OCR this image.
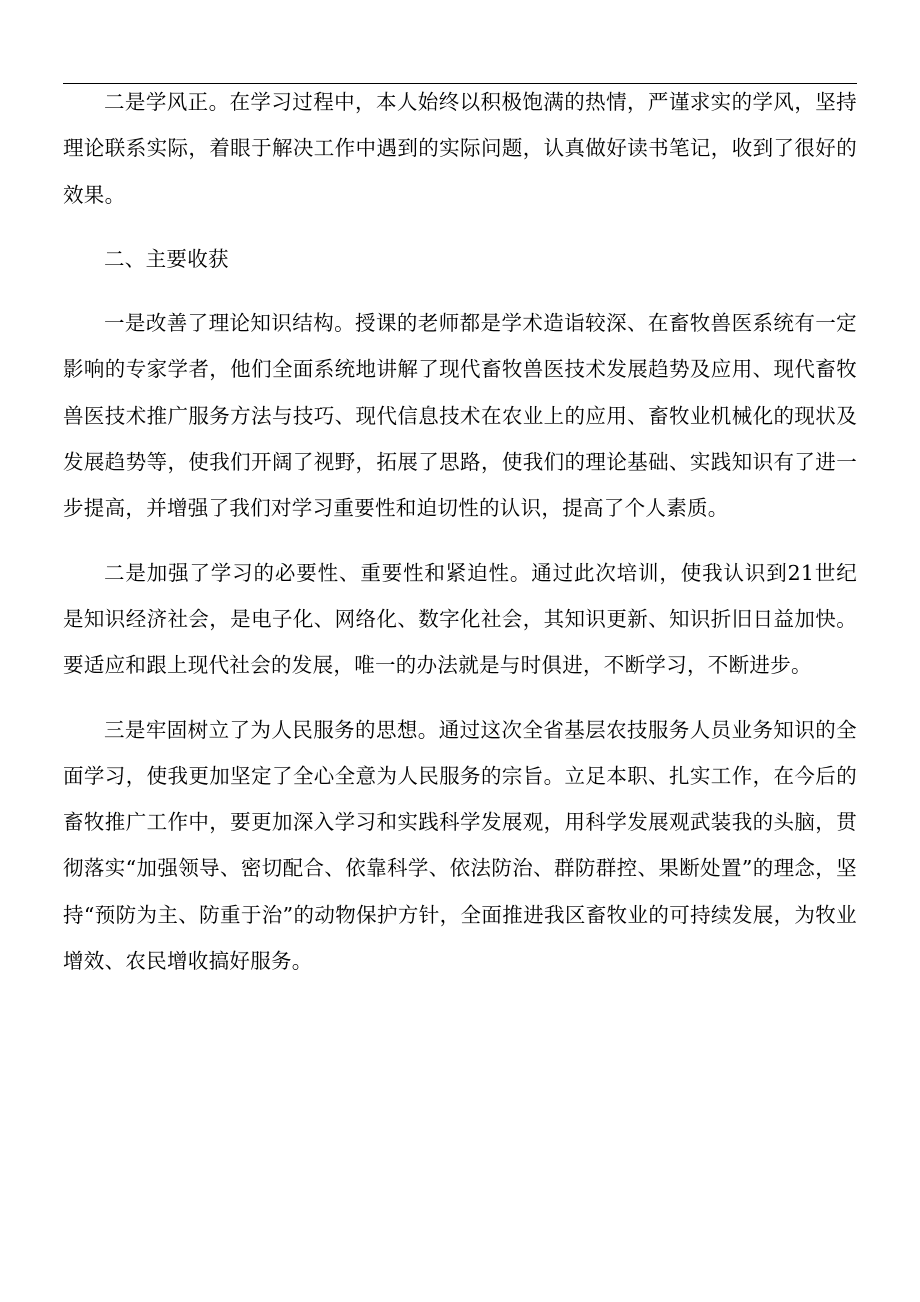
二是学风正。在学习过程中，本人始终以积极饱满的热情，严谨求实的学风，坚持理论联系实际，着眼于解决工作中遇到的实际问题，认真做好读书笔记，收到了很好的效果。

二、主要收获

一是改善了理论知识结构。授课的老师都是学术造诣较深、在畜牧兽医系统有一定影响的专家学者，他们全面系统地讲解了现代畜牧兽医技术发展趋势及应用、现代畜牧兽医技术推广服务方法与技巧、现代信息技术在农业上的应用、畜牧业机械化的现状及发展趋势等，使我们开阔了视野，拓展了思路，使我们的理论基础、实践知识有了进一步提高，并增强了我们对学习重要性和迫切性的认识，提高了个人素质。

二是加强了学习的必要性、重要性和紧迫性。通过此次培训，使我认识到21世纪是知识经济社会，是电子化、网络化、数字化社会，其知识更新、知识折旧日益加快。要适应和跟上现代社会的发展，唯一的办法就是与时俱进，不断学习，不断进步。

三是牢固树立了为人民服务的思想。通过这次全省基层农技服务人员业务知识的全面学习，使我更加坚定了全心全意为人民服务的宗旨。立足本职、扎实工作，在今后的畜牧推广工作中，要更加深入学习和实践科学发展观，用科学发展观武装我的头脑，贯彻落实“加强领导、密切配合、依靠科学、依法防治、群防群控、果断处置”的理念，坚持“预防为主、防重于治”的动物保护方针，全面推进我区畜牧业的可持续发展，为牧业增效、农民增收搞好服务。
